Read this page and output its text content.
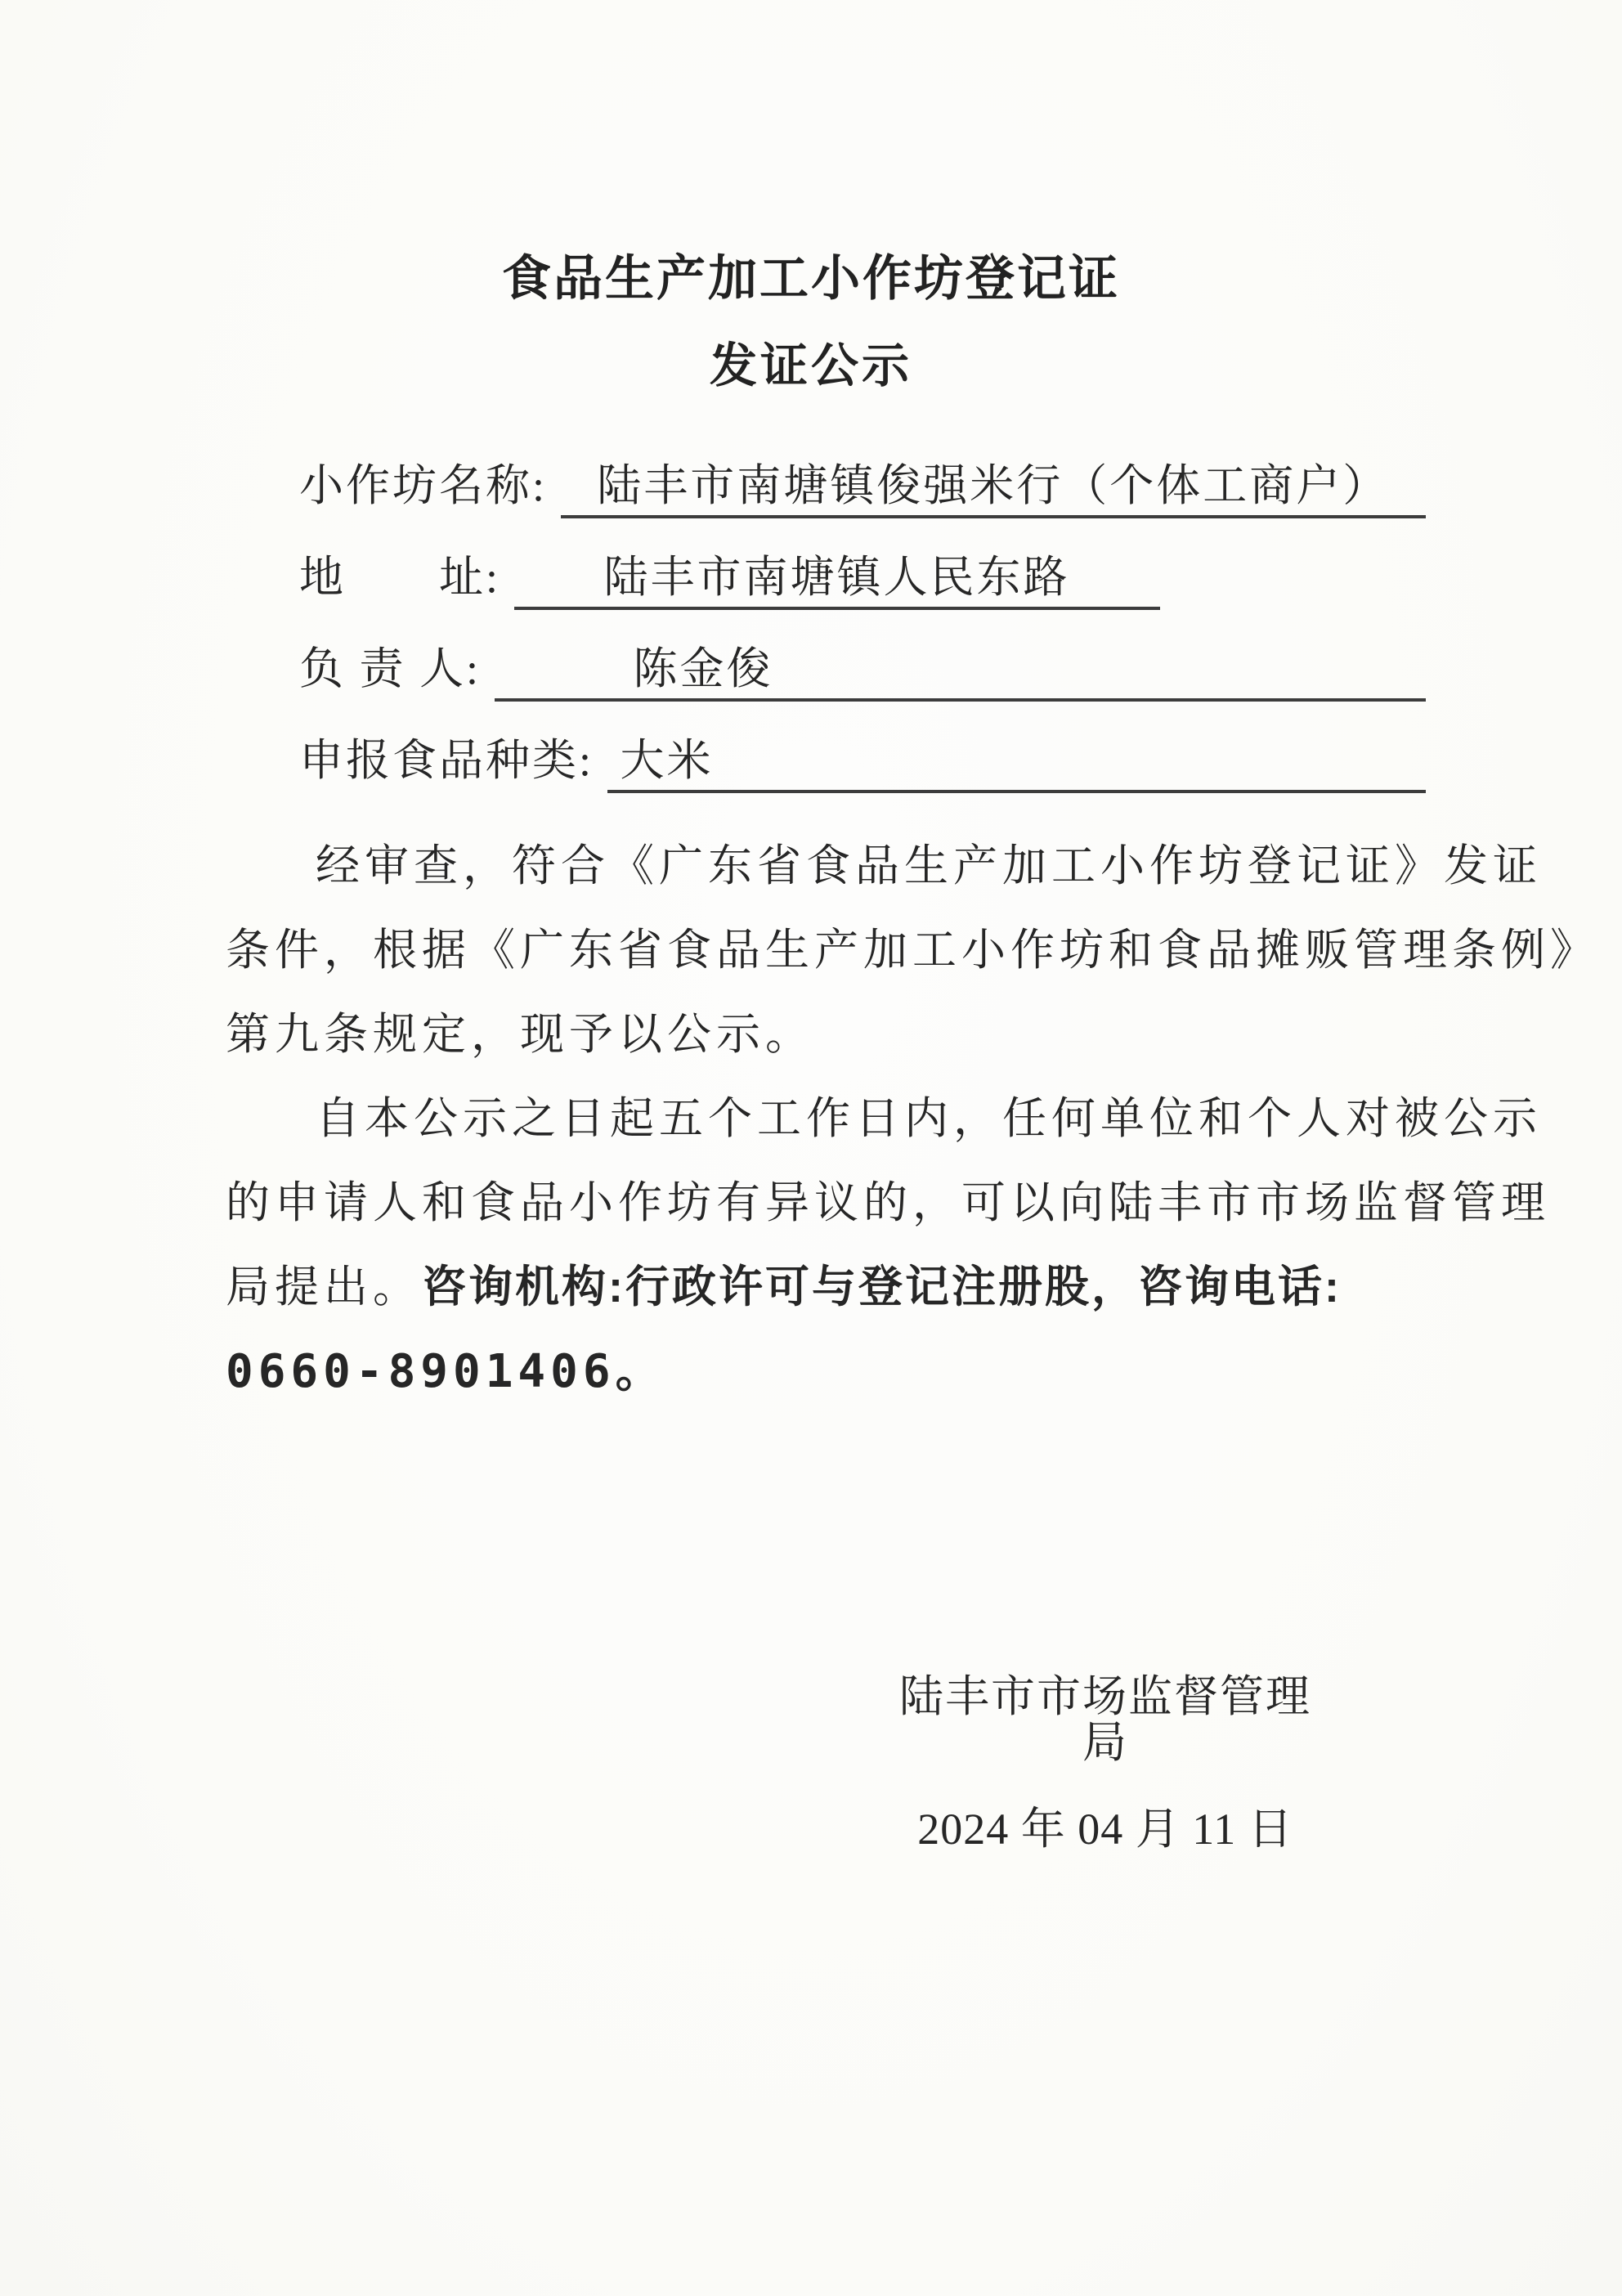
食品生产加工小作坊登记证
发证公示
小作坊名称: 陆丰市南塘镇俊强米行（个体工商户）
地　　址:	陆丰市南塘镇人民东路
负 责 人:	陈金俊
申报食品种类: 大米
经审查，符合《广东省食品生产加工小作坊登记证》发证
条件，根据《广东省食品生产加工小作坊和食品摊贩管理条例》
第九条规定，现予以公示。
自本公示之日起五个工作日内，任何单位和个人对被公示
的申请人和食品小作坊有异议的，可以向陆丰市市场监督管理
局提出。咨询机构:行政许可与登记注册股，咨询电话:
0660-8901406。
陆丰市市场监督管理局
2024 年 04 月 11 日
